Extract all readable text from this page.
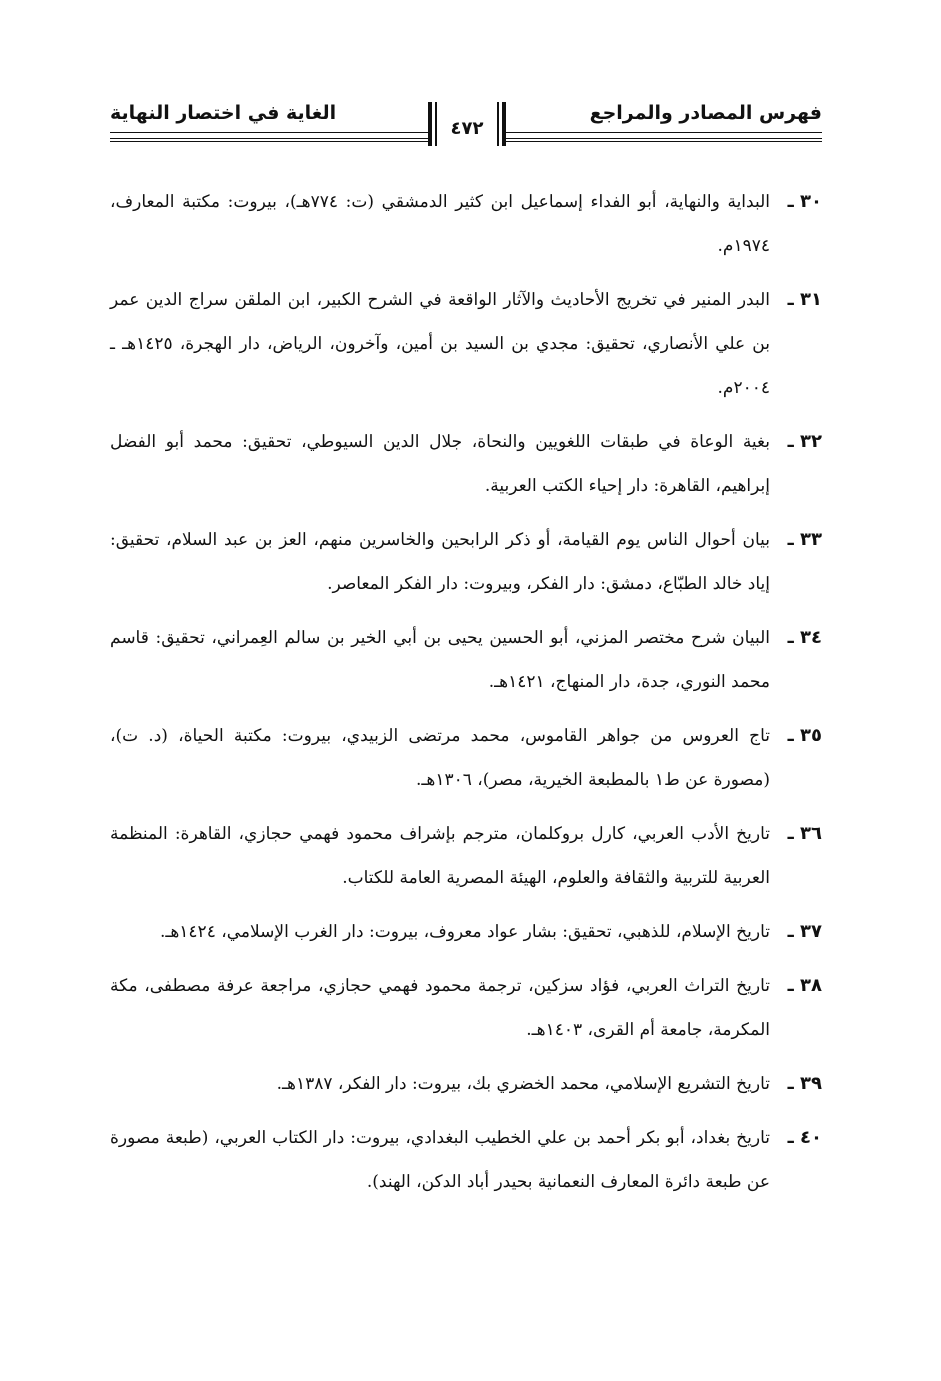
فهرس المصادر والمراجع
الغاية في اختصار النهاية
٤٧٢
٣٠ ـ
البداية والنهاية، أبو الفداء إسماعيل ابن كثير الدمشقي (ت: ٧٧٤هـ)، بيروت: مكتبة المعارف، ١٩٧٤م.
٣١ ـ
البدر المنير في تخريج الأحاديث والآثار الواقعة في الشرح الكبير، ابن الملقن سراج الدين عمر بن علي الأنصاري، تحقيق: مجدي بن السيد بن أمين، وآخرون، الرياض، دار الهجرة، ١٤٢٥هـ ـ ٢٠٠٤م.
٣٢ ـ
بغية الوعاة في طبقات اللغويين والنحاة، جلال الدين السيوطي، تحقيق: محمد أبو الفضل إبراهيم، القاهرة: دار إحياء الكتب العربية.
٣٣ ـ
بيان أحوال الناس يوم القيامة، أو ذكر الرابحين والخاسرين منهم، العز بن عبد السلام، تحقيق: إياد خالد الطبّاع، دمشق: دار الفكر، وبيروت: دار الفكر المعاصر.
٣٤ ـ
البيان شرح مختصر المزني، أبو الحسين يحيى بن أبي الخير بن سالم العِمراني، تحقيق: قاسم محمد النوري، جدة، دار المنهاج، ١٤٢١هـ.
٣٥ ـ
تاج العروس من جواهر القاموس، محمد مرتضى الزبيدي، بيروت: مكتبة الحياة، (د. ت)، (مصورة عن ط١ بالمطبعة الخيرية، مصر)، ١٣٠٦هـ.
٣٦ ـ
تاريخ الأدب العربي، كارل بروكلمان، مترجم بإشراف محمود فهمي حجازي، القاهرة: المنظمة العربية للتربية والثقافة والعلوم، الهيئة المصرية العامة للكتاب.
٣٧ ـ
تاريخ الإسلام، للذهبي، تحقيق: بشار عواد معروف، بيروت: دار الغرب الإسلامي، ١٤٢٤هـ.
٣٨ ـ
تاريخ التراث العربي، فؤاد سزكين، ترجمة محمود فهمي حجازي، مراجعة عرفة مصطفى، مكة المكرمة، جامعة أم القرى، ١٤٠٣هـ.
٣٩ ـ
تاريخ التشريع الإسلامي، محمد الخضري بك، بيروت: دار الفكر، ١٣٨٧هـ.
٤٠ ـ
تاريخ بغداد، أبو بكر أحمد بن علي الخطيب البغدادي، بيروت: دار الكتاب العربي، (طبعة مصورة عن طبعة دائرة المعارف النعمانية بحيدر أباد الدكن، الهند).
